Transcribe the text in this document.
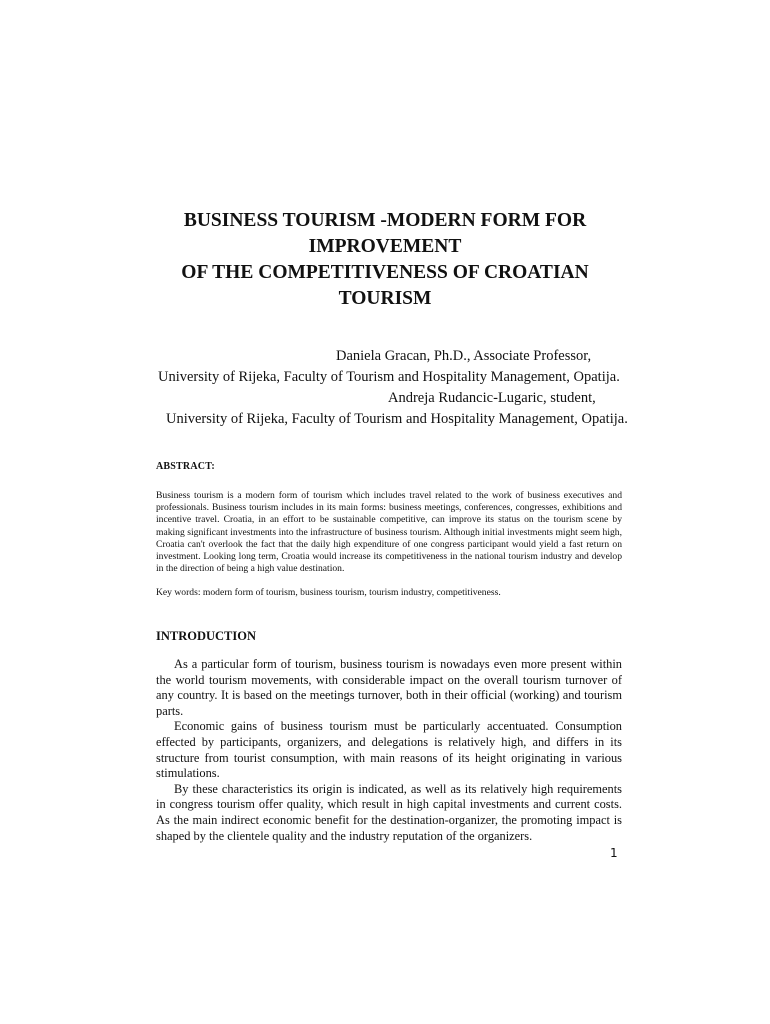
BUSINESS TOURISM -MODERN FORM FOR
IMPROVEMENT
OF THE COMPETITIVENESS OF CROATIAN
TOURISM
Daniela Gracan, Ph.D., Associate Professor,
University of Rijeka, Faculty of Tourism and Hospitality Management, Opatija.
Andreja Rudancic-Lugaric, student,
University of Rijeka, Faculty of Tourism and Hospitality Management, Opatija.
ABSTRACT:
Business tourism is a modern form of tourism which includes travel related to the work of business executives and professionals. Business tourism includes in its main forms: business meetings, conferences, congresses, exhibitions and incentive travel. Croatia, in an effort to be sustainable competitive, can improve its status on the tourism scene by making significant investments into the infrastructure of business tourism. Although initial investments might seem high, Croatia can't overlook the fact that the daily high expenditure of one congress participant would yield a fast return on investment. Looking long term, Croatia would increase its competitiveness in the national tourism industry and develop in the direction of being a high value destination.
Key words: modern form of tourism, business tourism, tourism industry, competitiveness.
INTRODUCTION

As a particular form of tourism, business tourism is nowadays even more present within the world tourism movements, with considerable impact on the overall tourism turnover of any country. It is based on the meetings turnover, both in their official (working) and tourism parts.

Economic gains of business tourism must be particularly accentuated. Consumption effected by participants, organizers, and delegations is relatively high, and differs in its structure from tourist consumption, with main reasons of its height originating in various stimulations.

By these characteristics its origin is indicated, as well as its relatively high requirements in congress tourism offer quality, which result in high capital investments and current costs. As the main indirect economic benefit for the destination-organizer, the promoting impact is shaped by the clientele quality and the industry reputation of the organizers.

1
